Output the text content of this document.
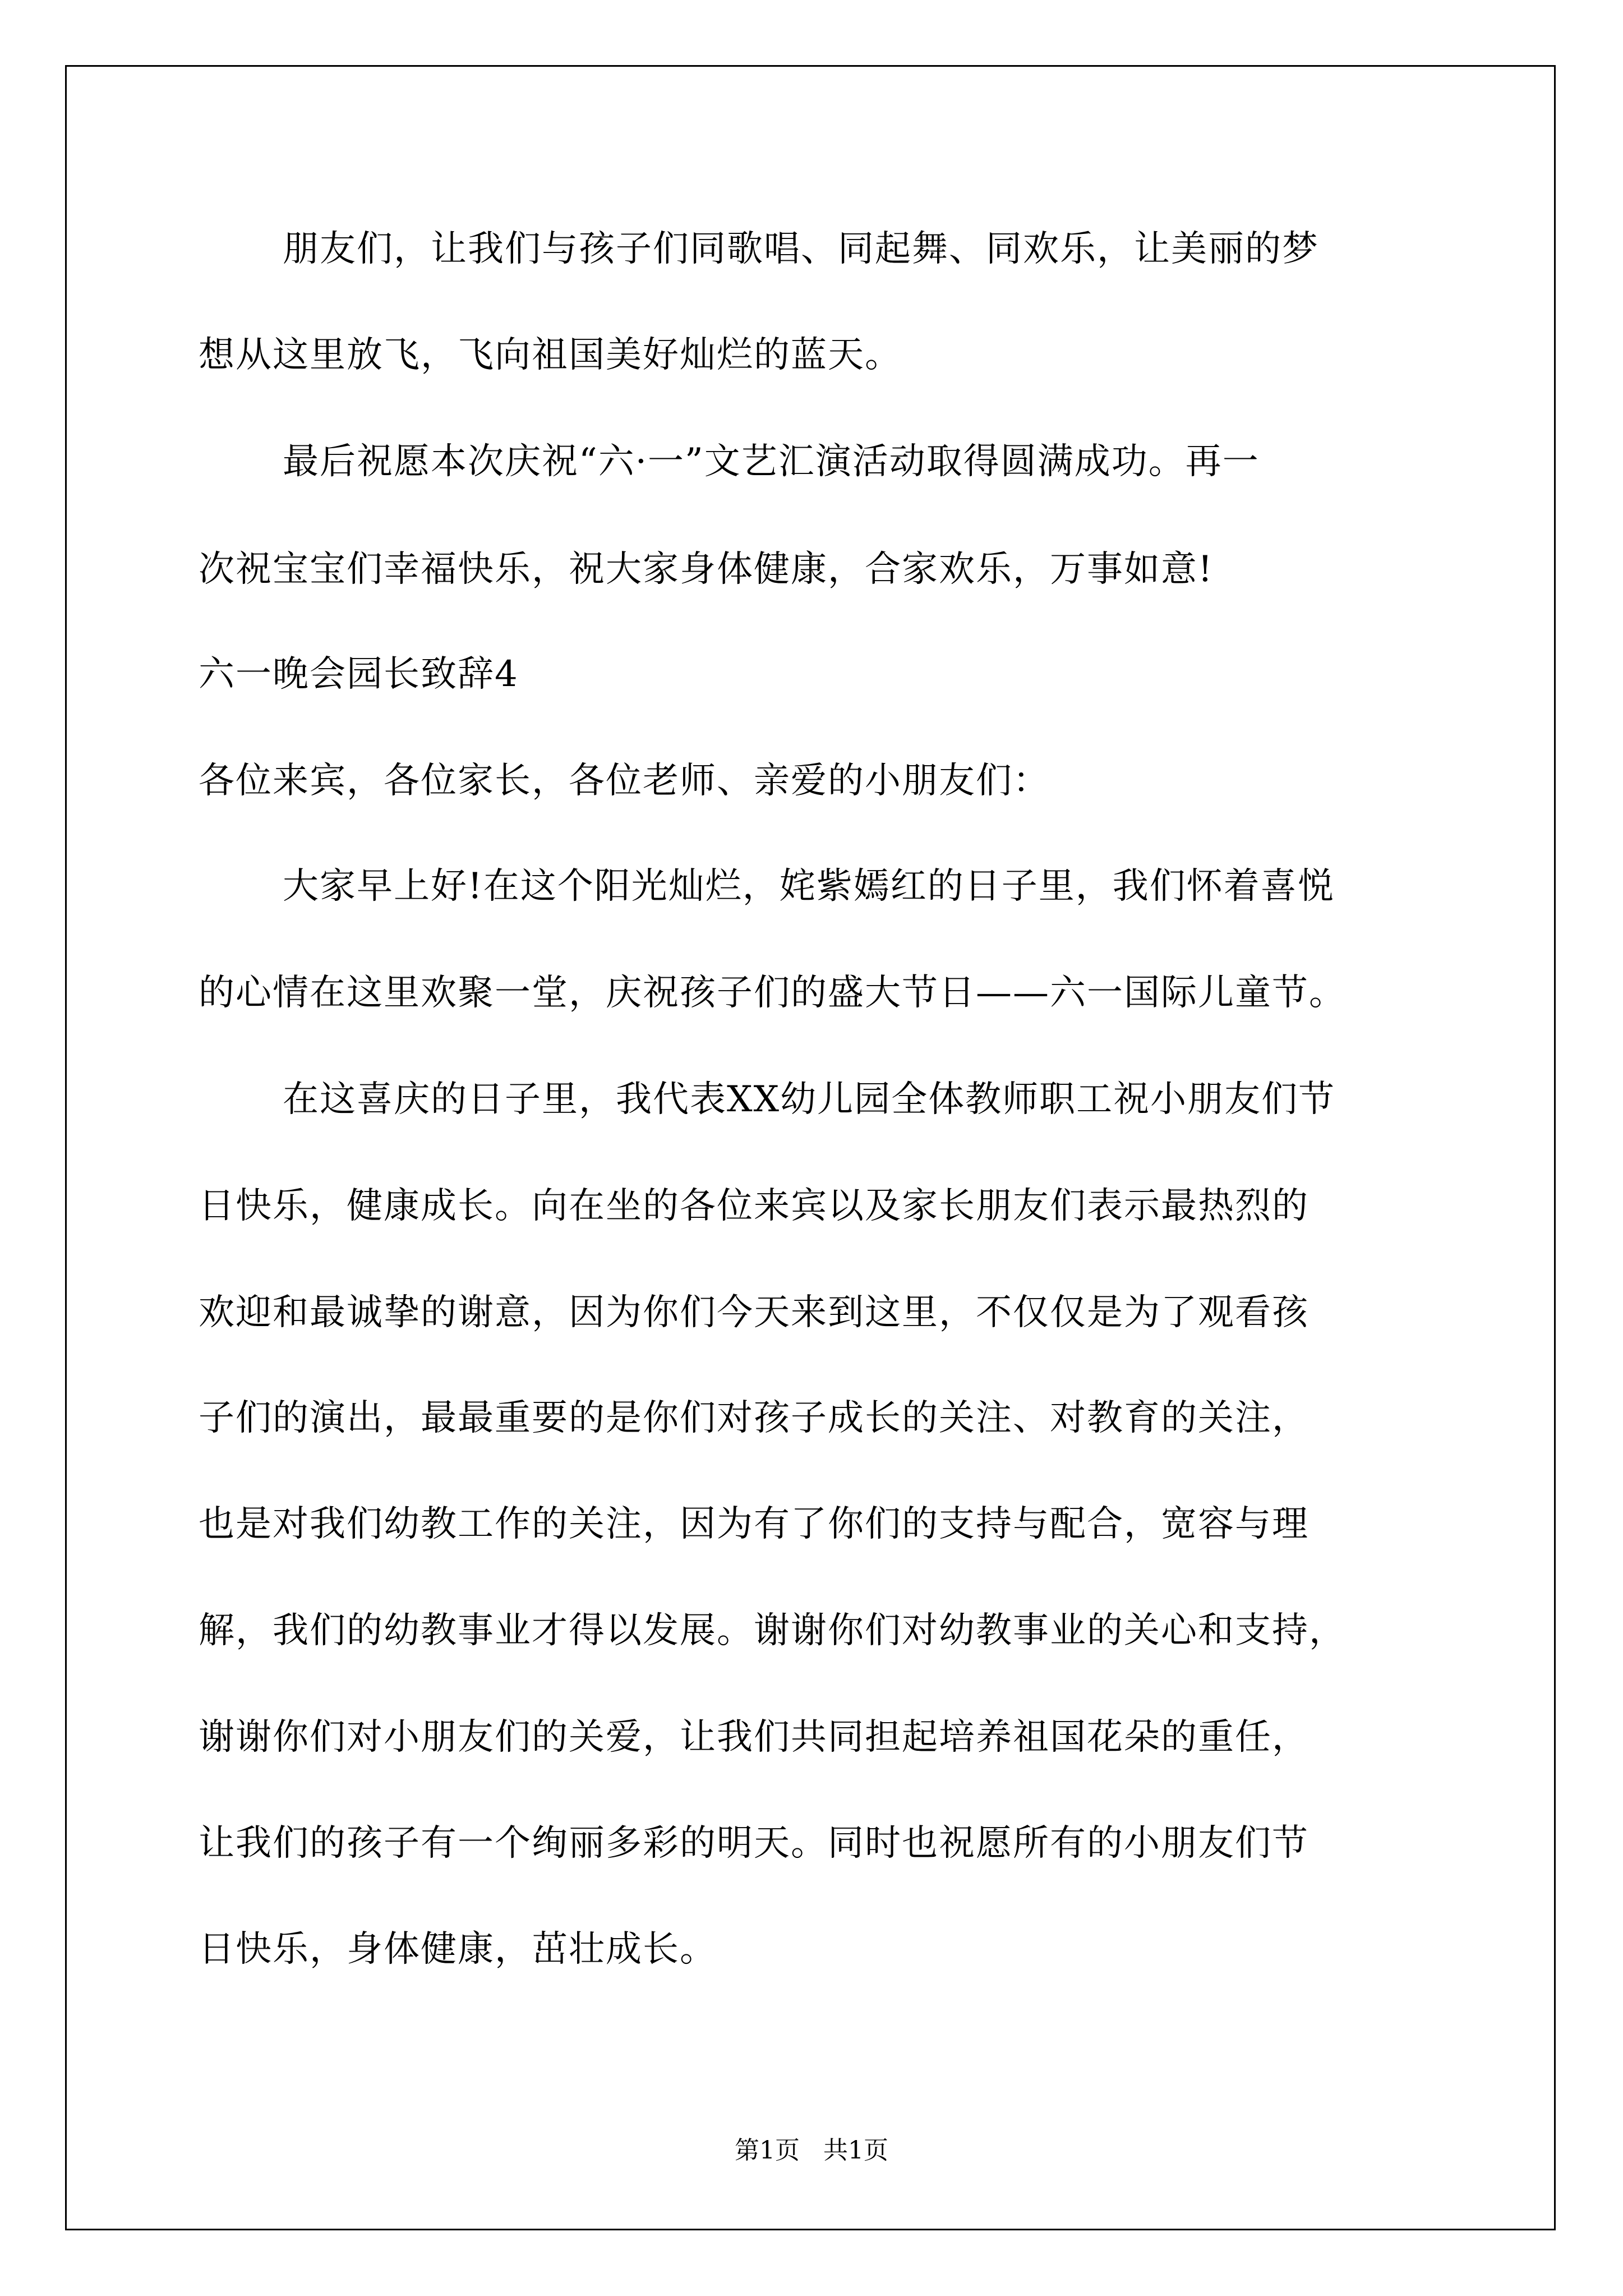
朋友们，让我们与孩子们同歌唱、同起舞、同欢乐，让美丽的梦
想从这里放飞，飞向祖国美好灿烂的蓝天。
最后祝愿本次庆祝“六·一”文艺汇演活动取得圆满成功。再一
次祝宝宝们幸福快乐，祝大家身体健康，合家欢乐，万事如意!
六一晚会园长致辞4
各位来宾，各位家长，各位老师、亲爱的小朋友们：
大家早上好!在这个阳光灿烂，姹紫嫣红的日子里，我们怀着喜悦
的心情在这里欢聚一堂，庆祝孩子们的盛大节日——六一国际儿童节。
在这喜庆的日子里，我代表XX幼儿园全体教师职工祝小朋友们节
日快乐，健康成长。向在坐的各位来宾以及家长朋友们表示最热烈的
欢迎和最诚挚的谢意，因为你们今天来到这里，不仅仅是为了观看孩
子们的演出，最最重要的是你们对孩子成长的关注、对教育的关注，
也是对我们幼教工作的关注，因为有了你们的支持与配合，宽容与理
解，我们的幼教事业才得以发展。谢谢你们对幼教事业的关心和支持，
谢谢你们对小朋友们的关爱，让我们共同担起培养祖国花朵的重任，
让我们的孩子有一个绚丽多彩的明天。同时也祝愿所有的小朋友们节
日快乐，身体健康，茁壮成长。
第1页   共1页
